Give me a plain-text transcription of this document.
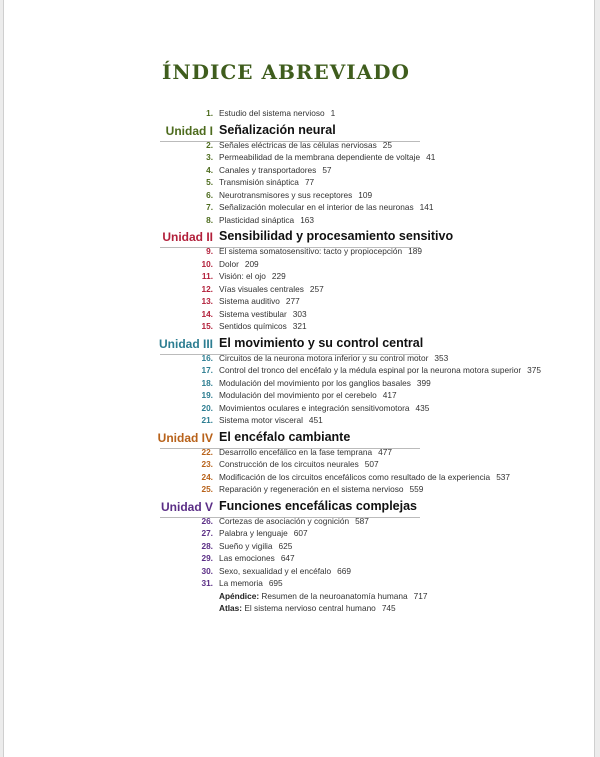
ÍNDICE ABREVIADO
1. Estudio del sistema nervioso 1
Unidad I Señalización neural
2. Señales eléctricas de las células nerviosas 25
3. Permeabilidad de la membrana dependiente de voltaje 41
4. Canales y transportadores 57
5. Transmisión sináptica 77
6. Neurotransmisores y sus receptores 109
7. Señalización molecular en el interior de las neuronas 141
8. Plasticidad sináptica 163
Unidad II Sensibilidad y procesamiento sensitivo
9. El sistema somatosensitivo: tacto y propiocepción 189
10. Dolor 209
11. Visión: el ojo 229
12. Vías visuales centrales 257
13. Sistema auditivo 277
14. Sistema vestibular 303
15. Sentidos químicos 321
Unidad III El movimiento y su control central
16. Circuitos de la neurona motora inferior y su control motor 353
17. Control del tronco del encéfalo y la médula espinal por la neurona motora superior 375
18. Modulación del movimiento por los ganglios basales 399
19. Modulación del movimiento por el cerebelo 417
20. Movimientos oculares e integración sensitivomotora 435
21. Sistema motor visceral 451
Unidad IV El encéfalo cambiante
22. Desarrollo encefálico en la fase temprana 477
23. Construcción de los circuitos neurales 507
24. Modificación de los circuitos encefálicos como resultado de la experiencia 537
25. Reparación y regeneración en el sistema nervioso 559
Unidad V Funciones encefálicas complejas
26. Cortezas de asociación y cognición 587
27. Palabra y lenguaje 607
28. Sueño y vigilia 625
29. Las emociones 647
30. Sexo, sexualidad y el encéfalo 669
31. La memoria 695
Apéndice: Resumen de la neuroanatomía humana 717
Atlas: El sistema nervioso central humano 745
